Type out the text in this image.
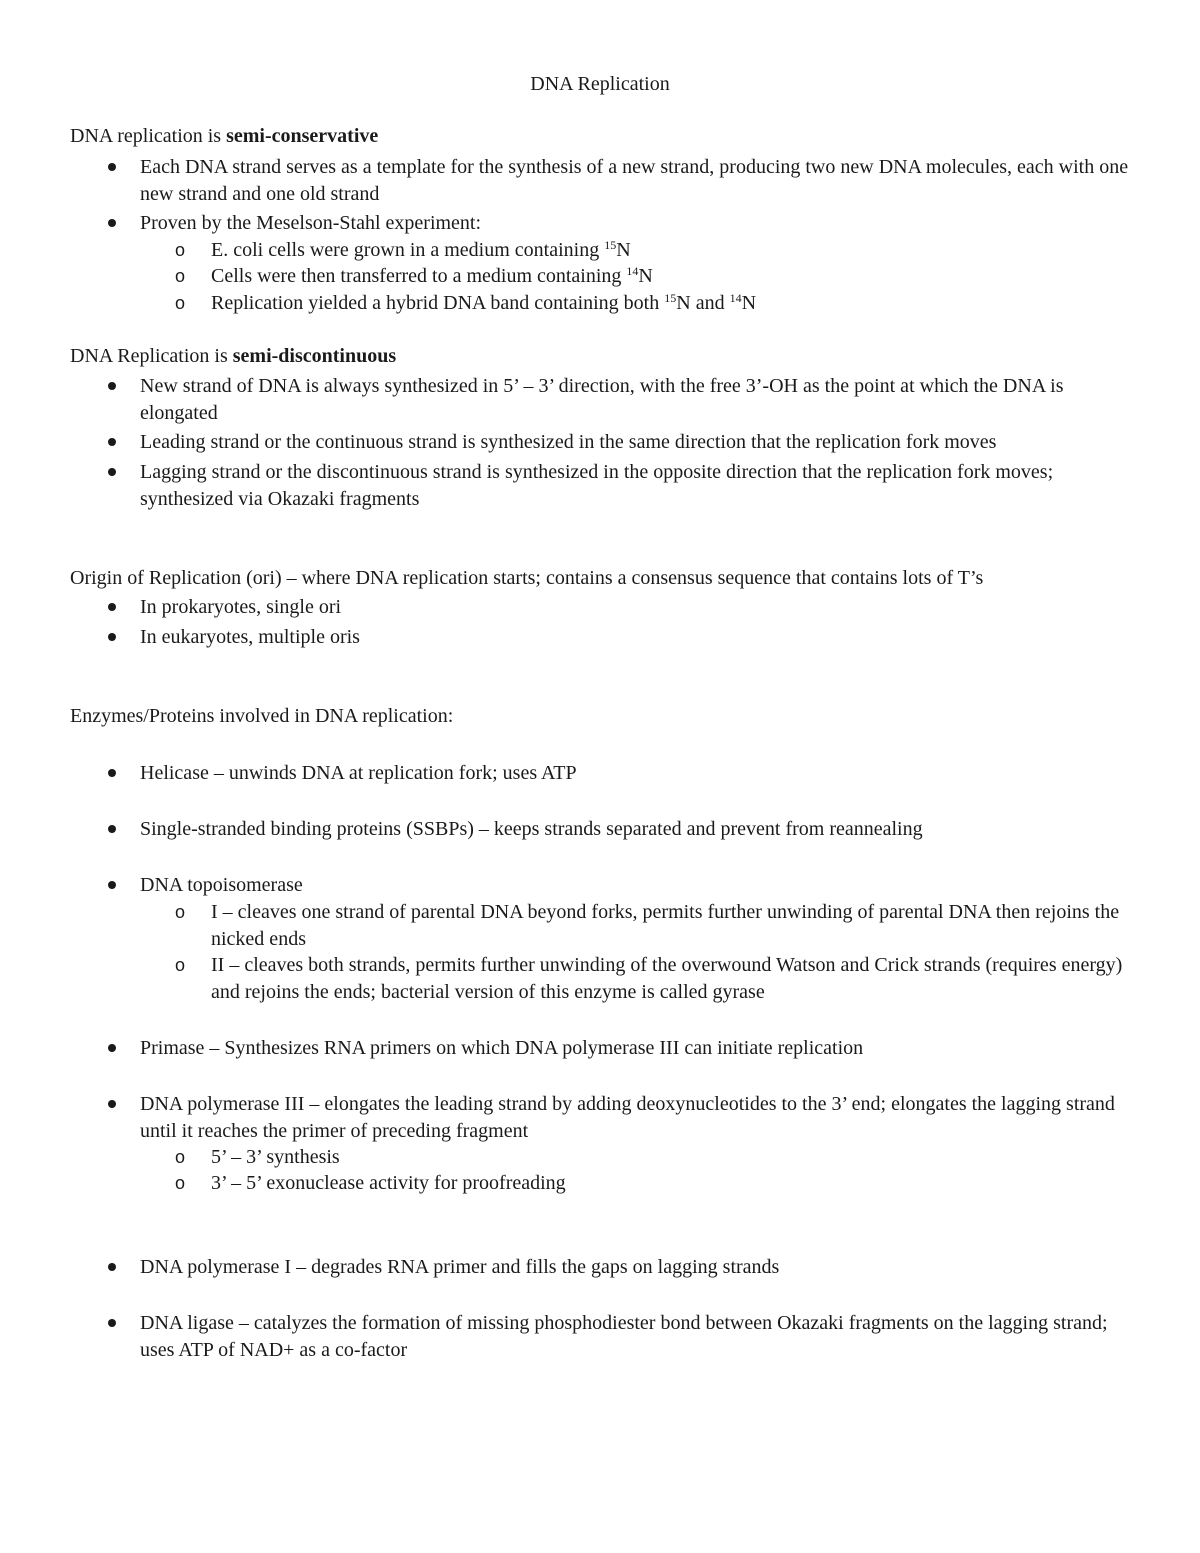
DNA Replication
DNA replication is semi-conservative
Each DNA strand serves as a template for the synthesis of a new strand, producing two new DNA molecules, each with one new strand and one old strand
Proven by the Meselson-Stahl experiment:
o E. coli cells were grown in a medium containing $^{15}$N
o Cells were then transferred to a medium containing $^{14}$N
o Replication yielded a hybrid DNA band containing both $^{15}$N and $^{14}$N
DNA Replication is semi-discontinuous
New strand of DNA is always synthesized in 5’ – 3’ direction, with the free 3’-OH as the point at which the DNA is elongated
Leading strand or the continuous strand is synthesized in the same direction that the replication fork moves
Lagging strand or the discontinuous strand is synthesized in the opposite direction that the replication fork moves; synthesized via Okazaki fragments
Origin of Replication (ori) – where DNA replication starts; contains a consensus sequence that contains lots of T’s
In prokaryotes, single ori
In eukaryotes, multiple oris
Enzymes/Proteins involved in DNA replication:
Helicase – unwinds DNA at replication fork; uses ATP
Single-stranded binding proteins (SSBPs) – keeps strands separated and prevent from reannealing
DNA topoisomerase
o I – cleaves one strand of parental DNA beyond forks, permits further unwinding of parental DNA then rejoins the nicked ends
o II – cleaves both strands, permits further unwinding of the overwound Watson and Crick strands (requires energy) and rejoins the ends; bacterial version of this enzyme is called gyrase
Primase – Synthesizes RNA primers on which DNA polymerase III can initiate replication
DNA polymerase III – elongates the leading strand by adding deoxynucleotides to the 3’ end; elongates the lagging strand until it reaches the primer of preceding fragment
o 5’ – 3’ synthesis
o 3’ – 5’ exonuclease activity for proofreading
DNA polymerase I – degrades RNA primer and fills the gaps on lagging strands
DNA ligase – catalyzes the formation of missing phosphodiester bond between Okazaki fragments on the lagging strand; uses ATP of NAD+ as a co-factor
